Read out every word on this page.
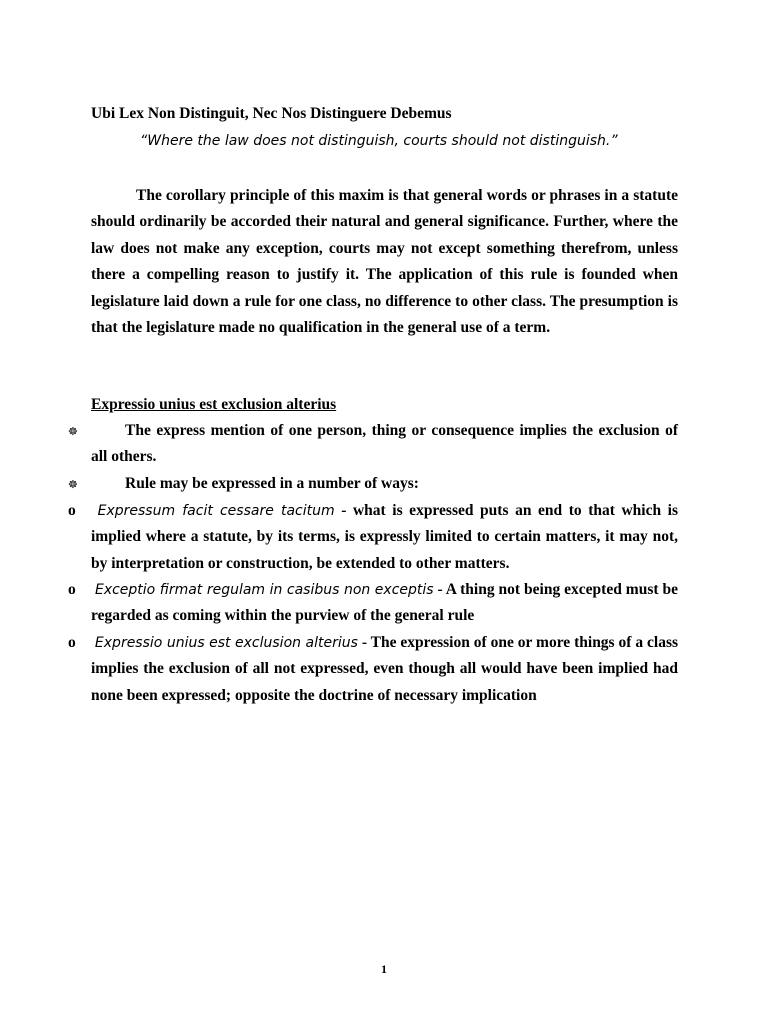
Ubi Lex Non Distinguit, Nec Nos Distinguere Debemus
“Where the law does not distinguish, courts should not distinguish.”
The corollary principle of this maxim is that general words or phrases in a statute should ordinarily be accorded their natural and general significance. Further, where the law does not make any exception, courts may not except something therefrom, unless there a compelling reason to justify it. The application of this rule is founded when legislature laid down a rule for one class, no difference to other class. The presumption is that the legislature made no qualification in the general use of a term.
Expressio unius est exclusion alterius
☸	The express mention of one person, thing or consequence implies the exclusion of all others.
☸	Rule may be expressed in a number of ways:
o	Expressum facit cessare tacitum - what is expressed puts an end to that which is implied where a statute, by its terms, is expressly limited to certain matters, it may not, by interpretation or construction, be extended to other matters.
o Exceptio firmat regulam in casibus non exceptis - A thing not being excepted must be regarded as coming within the purview of the general rule
o Expressio unius est exclusion alterius - The expression of one or more things of a class implies the exclusion of all not expressed, even though all would have been implied had none been expressed; opposite the doctrine of necessary implication
1
